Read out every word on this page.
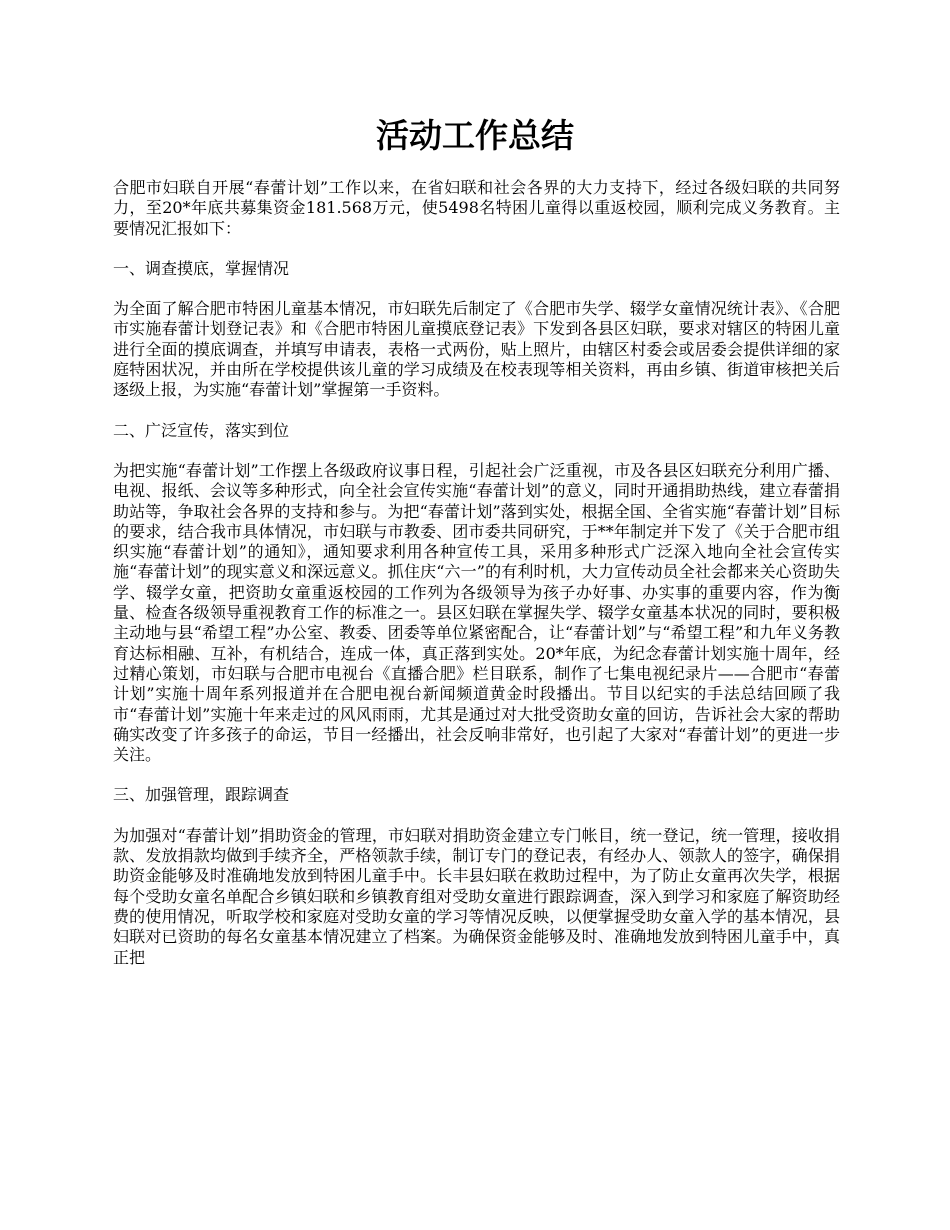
活动工作总结

合肥市妇联自开展“春蕾计划”工作以来，在省妇联和社会各界的大力支持下，经过各级妇联的共同努力，至20*年底共募集资金181.568万元，使5498名特困儿童得以重返校园，顺利完成义务教育。主要情况汇报如下：

一、调查摸底，掌握情况

为全面了解合肥市特困儿童基本情况，市妇联先后制定了《合肥市失学、辍学女童情况统计表》、《合肥市实施春蕾计划登记表》和《合肥市特困儿童摸底登记表》下发到各县区妇联，要求对辖区的特困儿童进行全面的摸底调查，并填写申请表，表格一式两份，贴上照片，由辖区村委会或居委会提供详细的家庭特困状况，并由所在学校提供该儿童的学习成绩及在校表现等相关资料，再由乡镇、街道审核把关后逐级上报，为实施“春蕾计划”掌握第一手资料。

二、广泛宣传，落实到位

为把实施“春蕾计划”工作摆上各级政府议事日程，引起社会广泛重视，市及各县区妇联充分利用广播、电视、报纸、会议等多种形式，向全社会宣传实施“春蕾计划”的意义，同时开通捐助热线，建立春蕾捐助站等，争取社会各界的支持和参与。为把“春蕾计划”落到实处，根据全国、全省实施“春蕾计划”目标的要求，结合我市具体情况，市妇联与市教委、团市委共同研究，于**年制定并下发了《关于合肥市组织实施“春蕾计划”的通知》，通知要求利用各种宣传工具，采用多种形式广泛深入地向全社会宣传实施“春蕾计划”的现实意义和深远意义。抓住庆“六一”的有利时机，大力宣传动员全社会都来关心资助失学、辍学女童，把资助女童重返校园的工作列为各级领导为孩子办好事、办实事的重要内容，作为衡量、检查各级领导重视教育工作的标准之一。县区妇联在掌握失学、辍学女童基本状况的同时，要积极主动地与县“希望工程”办公室、教委、团委等单位紧密配合，让“春蕾计划”与“希望工程”和九年义务教育达标相融、互补，有机结合，连成一体，真正落到实处。20*年底，为纪念春蕾计划实施十周年，经过精心策划，市妇联与合肥市电视台《直播合肥》栏目联系，制作了七集电视纪录片——合肥市“春蕾计划”实施十周年系列报道并在合肥电视台新闻频道黄金时段播出。节目以纪实的手法总结回顾了我市“春蕾计划”实施十年来走过的风风雨雨，尤其是通过对大批受资助女童的回访，告诉社会大家的帮助确实改变了许多孩子的命运，节目一经播出，社会反响非常好，也引起了大家对“春蕾计划”的更进一步关注。

三、加强管理，跟踪调查

为加强对“春蕾计划”捐助资金的管理，市妇联对捐助资金建立专门帐目，统一登记，统一管理，接收捐款、发放捐款均做到手续齐全，严格领款手续，制订专门的登记表，有经办人、领款人的签字，确保捐助资金能够及时准确地发放到特困儿童手中。长丰县妇联在救助过程中，为了防止女童再次失学，根据每个受助女童名单配合乡镇妇联和乡镇教育组对受助女童进行跟踪调查，深入到学习和家庭了解资助经费的使用情况，听取学校和家庭对受助女童的学习等情况反映，以便掌握受助女童入学的基本情况，县妇联对已资助的每名女童基本情况建立了档案。为确保资金能够及时、准确地发放到特困儿童手中，真正把
